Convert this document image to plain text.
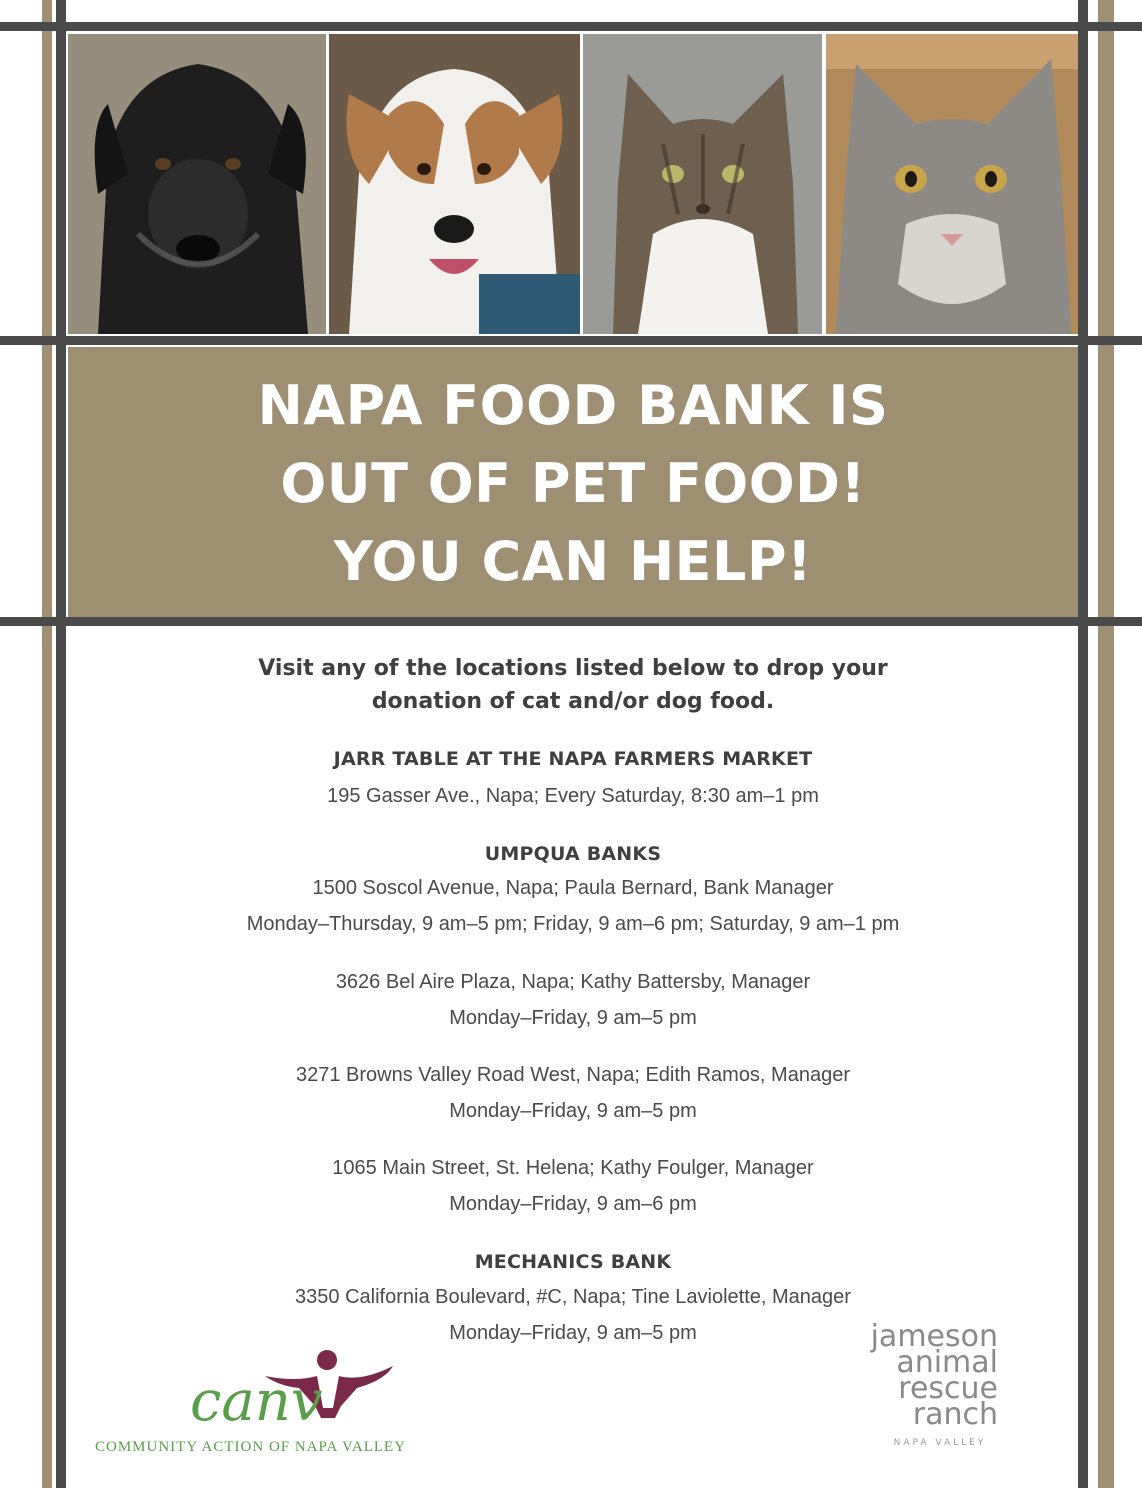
NAPA FOOD BANK IS
OUT OF PET FOOD!
YOU CAN HELP!
Visit any of the locations listed below to drop your
donation of cat and/or dog food.
JARR TABLE AT THE NAPA FARMERS MARKET
195 Gasser Ave., Napa; Every Saturday, 8:30 am–1 pm
UMPQUA BANKS
1500 Soscol Avenue, Napa; Paula Bernard, Bank Manager
Monday–Thursday, 9 am–5 pm; Friday, 9 am–6 pm; Saturday, 9 am–1 pm
3626 Bel Aire Plaza, Napa; Kathy Battersby, Manager
Monday–Friday, 9 am–5 pm
3271 Browns Valley Road West, Napa; Edith Ramos, Manager
Monday–Friday, 9 am–5 pm
1065 Main Street, St. Helena; Kathy Foulger, Manager
Monday–Friday, 9 am–6 pm
MECHANICS BANK
3350 California Boulevard, #C, Napa; Tine Laviolette, Manager
Monday–Friday, 9 am–5 pm
canv
COMMUNITY ACTION OF NAPA VALLEY
jameson
animal
rescue
ranch
NAPA VALLEY
